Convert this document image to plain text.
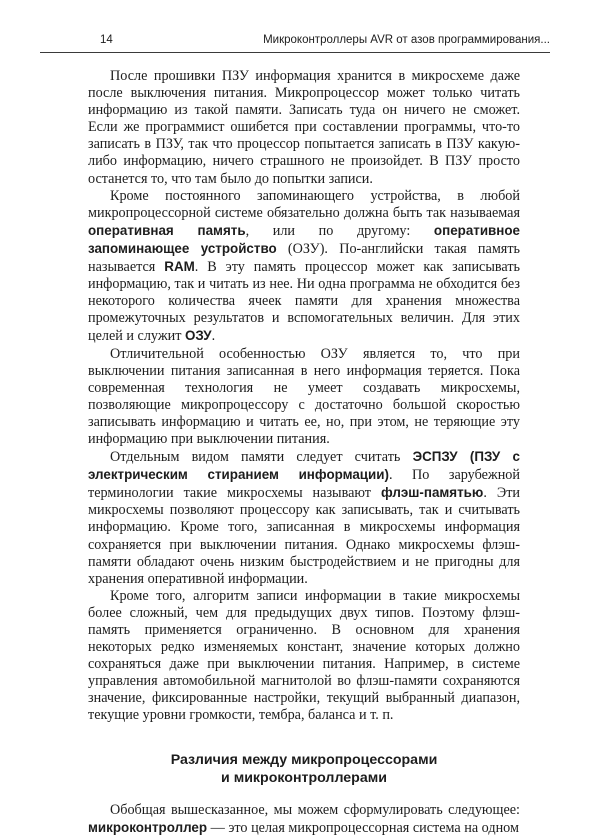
14	Микроконтроллеры AVR от азов программирования...

После прошивки ПЗУ информация хранится в микросхеме даже после выключения питания. Микропроцессор может только читать информацию из такой памяти. Записать туда он ничего не сможет. Если же программист ошибется при составлении программы, что-то записать в ПЗУ, так что процессор попытается записать в ПЗУ какую-либо информацию, ничего страшного не произойдет. В ПЗУ просто останется то, что там было до попытки записи.

Кроме постоянного запоминающего устройства, в любой микропроцессорной системе обязательно должна быть так называемая оперативная память, или по другому: оперативное запоминающее устройство (ОЗУ). По-английски такая память называется RAM. В эту память процессор может как записывать информацию, так и читать из нее. Ни одна программа не обходится без некоторого количества ячеек памяти для хранения множества промежуточных результатов и вспомогательных величин. Для этих целей и служит ОЗУ.

Отличительной особенностью ОЗУ является то, что при выключении питания записанная в него информация теряется. Пока современная технология не умеет создавать микросхемы, позволяющие микропроцессору с достаточно большой скоростью записывать информацию и читать ее, но, при этом, не теряющие эту информацию при выключении питания.

Отдельным видом памяти следует считать ЭСПЗУ (ПЗУ с электрическим стиранием информации). По зарубежной терминологии такие микросхемы называют флэш-памятью. Эти микросхемы позволяют процессору как записывать, так и считывать информацию. Кроме того, записанная в микросхемы информация сохраняется при выключении питания. Однако микросхемы флэш-памяти обладают очень низким быстродействием и не пригодны для хранения оперативной информации.

Кроме того, алгоритм записи информации в такие микросхемы более сложный, чем для предыдущих двух типов. Поэтому флэш-память применяется ограниченно. В основном для хранения некоторых редко изменяемых констант, значение которых должно сохраняться даже при выключении питания. Например, в системе управления автомобильной магнитолой во флэш-памяти сохраняются значение, фиксированные настройки, текущий выбранный диапазон, текущие уровни громкости, тембра, баланса и т. п.

Различия между микропроцессорами
и микроконтроллерами

Обобщая вышесказанное, мы можем сформулировать следующее: микроконтроллер — это целая микропроцессорная система на одном
